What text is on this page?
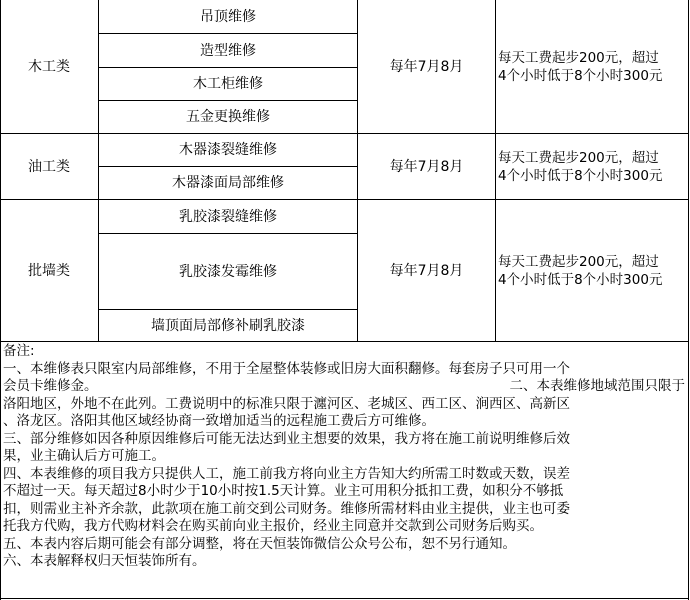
木工类
吊顶维修
造型维修
木工柜维修
五金更换维修
每年7月8月
每天工费起步200元，超过
4个小时低于8个小时300元
油工类
木器漆裂缝维修
木器漆面局部维修
每年7月8月
每天工费起步200元，超过
4个小时低于8个小时300元
批墙类
乳胶漆裂缝维修
乳胶漆发霉维修
墙顶面局部修补刷乳胶漆
每年7月8月
每天工费起步200元，超过
4个小时低于8个小时300元
备注:
一、本维修表只限室内局部维修，不用于全屋整体装修或旧房大面积翻修。每套房子只可用一个
会员卡维修金。	二、本表维修地域范围只限于
洛阳地区，外地不在此列。工费说明中的标准只限于瀍河区、老城区、西工区、涧西区、高新区
、洛龙区。洛阳其他区域经协商一致增加适当的远程施工费后方可维修。
三、部分维修如因各种原因维修后可能无法达到业主想要的效果，我方将在施工前说明维修后效
果，业主确认后方可施工。
四、本表维修的项目我方只提供人工，施工前我方将向业主方告知大约所需工时数或天数，误差
不超过一天。每天超过8小时少于10小时按1.5天计算。业主可用积分抵扣工费，如积分不够抵
扣，则需业主补齐余款，此款项在施工前交到公司财务。维修所需材料由业主提供，业主也可委
托我方代购，我方代购材料会在购买前向业主报价，经业主同意并交款到公司财务后购买。
五、本表内容后期可能会有部分调整，将在天恒装饰微信公众号公布，恕不另行通知。
六、本表解释权归天恒装饰所有。
